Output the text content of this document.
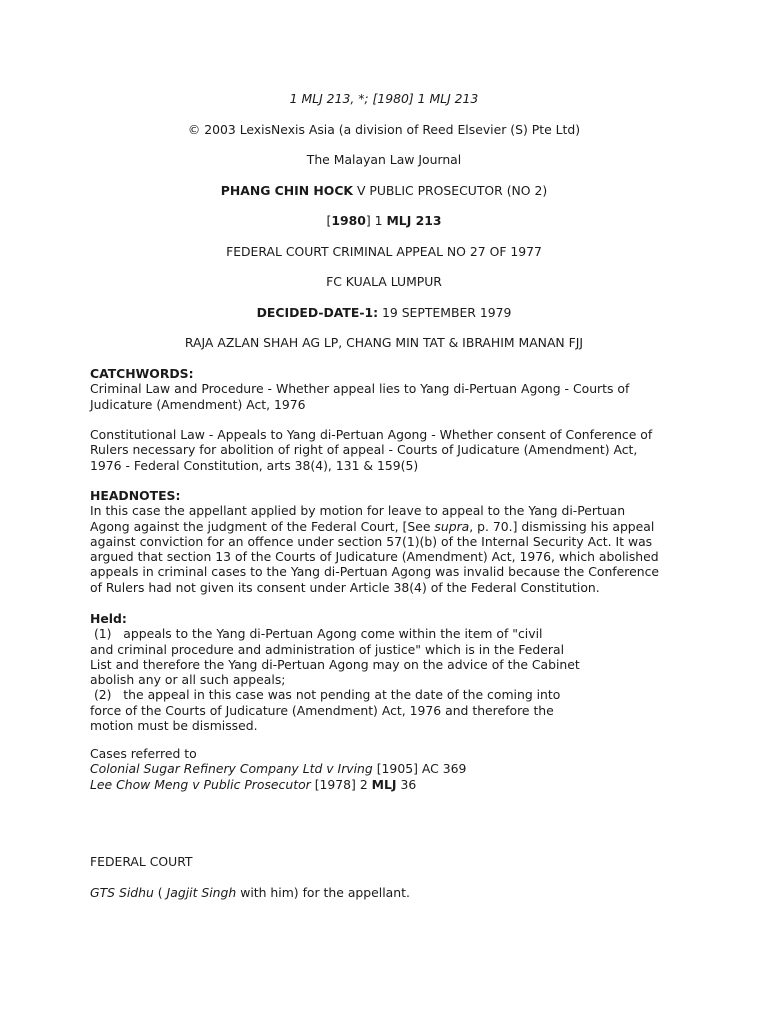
1 MLJ 213, *; [1980] 1 MLJ 213

© 2003 LexisNexis Asia (a division of Reed Elsevier (S) Pte Ltd)

The Malayan Law Journal

PHANG CHIN HOCK V PUBLIC PROSECUTOR (NO 2)

[1980] 1 MLJ 213

FEDERAL COURT CRIMINAL APPEAL NO 27 OF 1977

FC KUALA LUMPUR

DECIDED-DATE-1: 19 SEPTEMBER 1979

RAJA AZLAN SHAH AG LP, CHANG MIN TAT & IBRAHIM MANAN FJJ

CATCHWORDS:
Criminal Law and Procedure - Whether appeal lies to Yang di-Pertuan Agong - Courts of
Judicature (Amendment) Act, 1976
Constitutional Law - Appeals to Yang di-Pertuan Agong - Whether consent of Conference of
Rulers necessary for abolition of right of appeal - Courts of Judicature (Amendment) Act,
1976 - Federal Constitution, arts 38(4), 131 & 159(5)
HEADNOTES:
In this case the appellant applied by motion for leave to appeal to the Yang di-Pertuan
Agong against the judgment of the Federal Court, [See supra, p. 70.] dismissing his appeal
against conviction for an offence under section 57(1)(b) of the Internal Security Act. It was
argued that section 13 of the Courts of Judicature (Amendment) Act, 1976, which abolished
appeals in criminal cases to the Yang di-Pertuan Agong was invalid because the Conference
of Rulers had not given its consent under Article 38(4) of the Federal Constitution.
Held:
(1)   appeals to the Yang di-Pertuan Agong come within the item of "civil
and criminal procedure and administration of justice" which is in the Federal
List and therefore the Yang di-Pertuan Agong may on the advice of the Cabinet
abolish any or all such appeals;
(2)   the appeal in this case was not pending at the date of the coming into
force of the Courts of Judicature (Amendment) Act, 1976 and therefore the
motion must be dismissed.
Cases referred to
Colonial Sugar Refinery Company Ltd v Irving [1905] AC 369
Lee Chow Meng v Public Prosecutor [1978] 2 MLJ 36
FEDERAL COURT
GTS Sidhu ( Jagjit Singh with him) for the appellant.
